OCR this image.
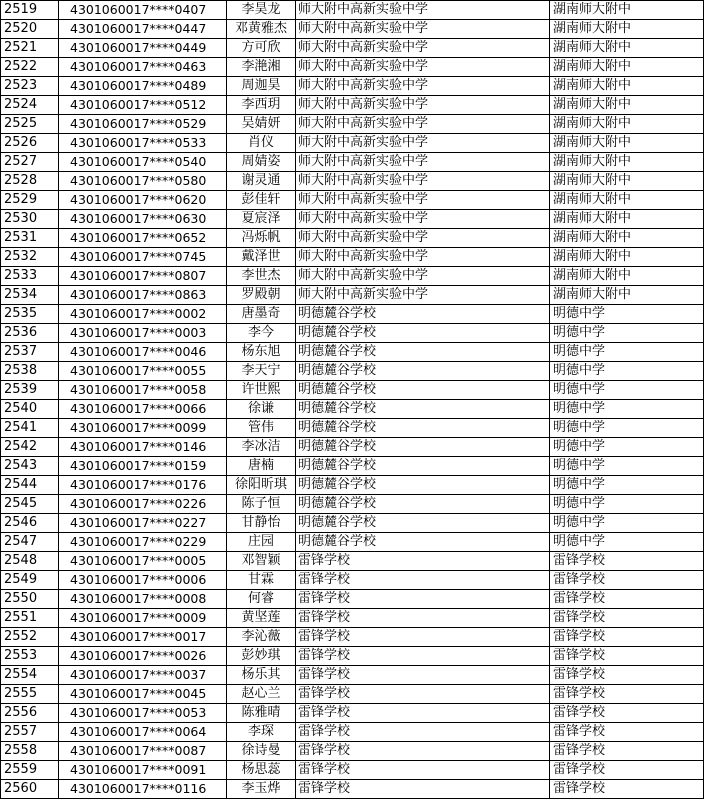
2519	4301060017****0407	李昊龙	师大附中高新实验中学	湖南师大附中
2520	4301060017****0447	邓黄雅杰	师大附中高新实验中学	湖南师大附中
2521	4301060017****0449	方可欣	师大附中高新实验中学	湖南师大附中
2522	4301060017****0463	李滟湘	师大附中高新实验中学	湖南师大附中
2523	4301060017****0489	周迦昊	师大附中高新实验中学	湖南师大附中
2524	4301060017****0512	李西玥	师大附中高新实验中学	湖南师大附中
2525	4301060017****0529	吴婧妍	师大附中高新实验中学	湖南师大附中
2526	4301060017****0533	肖仪	师大附中高新实验中学	湖南师大附中
2527	4301060017****0540	周婧姿	师大附中高新实验中学	湖南师大附中
2528	4301060017****0580	谢灵通	师大附中高新实验中学	湖南师大附中
2529	4301060017****0620	彭佳轩	师大附中高新实验中学	湖南师大附中
2530	4301060017****0630	夏宸泽	师大附中高新实验中学	湖南师大附中
2531	4301060017****0652	冯烁帆	师大附中高新实验中学	湖南师大附中
2532	4301060017****0745	戴泽世	师大附中高新实验中学	湖南师大附中
2533	4301060017****0807	李世杰	师大附中高新实验中学	湖南师大附中
2534	4301060017****0863	罗殿朝	师大附中高新实验中学	湖南师大附中
2535	4301060017****0002	唐墨奇	明德麓谷学校	明德中学
2536	4301060017****0003	李今	明德麓谷学校	明德中学
2537	4301060017****0046	杨东旭	明德麓谷学校	明德中学
2538	4301060017****0055	李天宁	明德麓谷学校	明德中学
2539	4301060017****0058	许世熙	明德麓谷学校	明德中学
2540	4301060017****0066	徐谦	明德麓谷学校	明德中学
2541	4301060017****0099	管伟	明德麓谷学校	明德中学
2542	4301060017****0146	李冰洁	明德麓谷学校	明德中学
2543	4301060017****0159	唐楠	明德麓谷学校	明德中学
2544	4301060017****0176	徐阳昕琪	明德麓谷学校	明德中学
2545	4301060017****0226	陈子恒	明德麓谷学校	明德中学
2546	4301060017****0227	甘静怡	明德麓谷学校	明德中学
2547	4301060017****0229	庄园	明德麓谷学校	明德中学
2548	4301060017****0005	邓智颖	雷锋学校	雷锋学校
2549	4301060017****0006	甘霖	雷锋学校	雷锋学校
2550	4301060017****0008	何睿	雷锋学校	雷锋学校
2551	4301060017****0009	黄坚莲	雷锋学校	雷锋学校
2552	4301060017****0017	李沁薇	雷锋学校	雷锋学校
2553	4301060017****0026	彭妙琪	雷锋学校	雷锋学校
2554	4301060017****0037	杨乐其	雷锋学校	雷锋学校
2555	4301060017****0045	赵心兰	雷锋学校	雷锋学校
2556	4301060017****0053	陈雅晴	雷锋学校	雷锋学校
2557	4301060017****0064	李琛	雷锋学校	雷锋学校
2558	4301060017****0087	徐诗曼	雷锋学校	雷锋学校
2559	4301060017****0091	杨思蕊	雷锋学校	雷锋学校
2560	4301060017****0116	李玉烨	雷锋学校	雷锋学校
